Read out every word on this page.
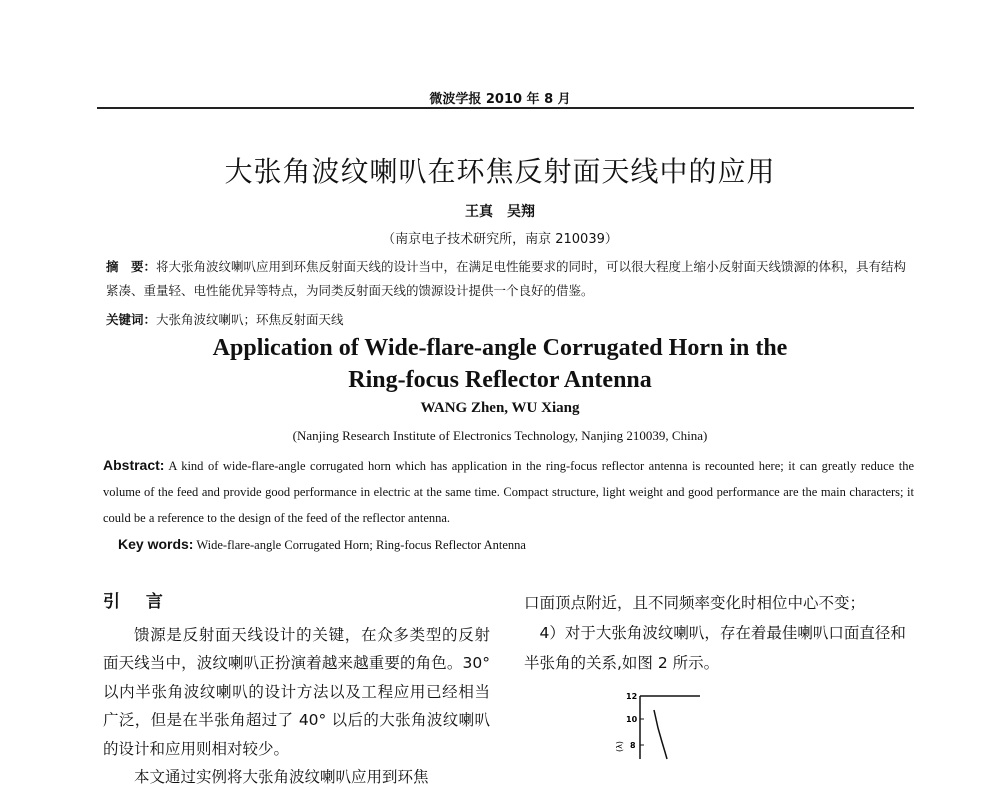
微波学报 2010 年 8 月
大张角波纹喇叭在环焦反射面天线中的应用
王真　吴翔
（南京电子技术研究所，南京 210039）
摘　要：将大张角波纹喇叭应用到环焦反射面天线的设计当中，在满足电性能要求的同时，可以很大程度上缩小反射面天线馈源的体积，具有结构紧凑、重量轻、电性能优异等特点，为同类反射面天线的馈源设计提供一个良好的借鉴。
关键词：大张角波纹喇叭；环焦反射面天线
Application of Wide-flare-angle Corrugated Horn in the
Ring-focus Reflector Antenna
WANG Zhen, WU Xiang
(Nanjing Research Institute of Electronics Technology, Nanjing 210039, China)
Abstract: A kind of wide-flare-angle corrugated horn which has application in the ring-focus reflector antenna is recounted here; it can greatly reduce the volume of the feed and provide good performance in electric at the same time. Compact structure, light weight and good performance are the main characters; it could be a reference to the design of the feed of the reflector antenna.
Key words: Wide-flare-angle Corrugated Horn; Ring-focus Reflector Antenna
引 言
馈源是反射面天线设计的关键，在众多类型的反射面天线当中，波纹喇叭正扮演着越来越重要的角色。30° 以内半张角波纹喇叭的设计方法以及工程应用已经相当广泛，但是在半张角超过了 40° 以后的大张角波纹喇叭的设计和应用则相对较少。
本文通过实例将大张角波纹喇叭应用到环焦

口面顶点附近，且不同频率变化时相位中心不变；

4）对于大张角波纹喇叭，存在着最佳喇叭口面直径和半张角的关系,如图 2 所示。

12
10
8
(λ)
